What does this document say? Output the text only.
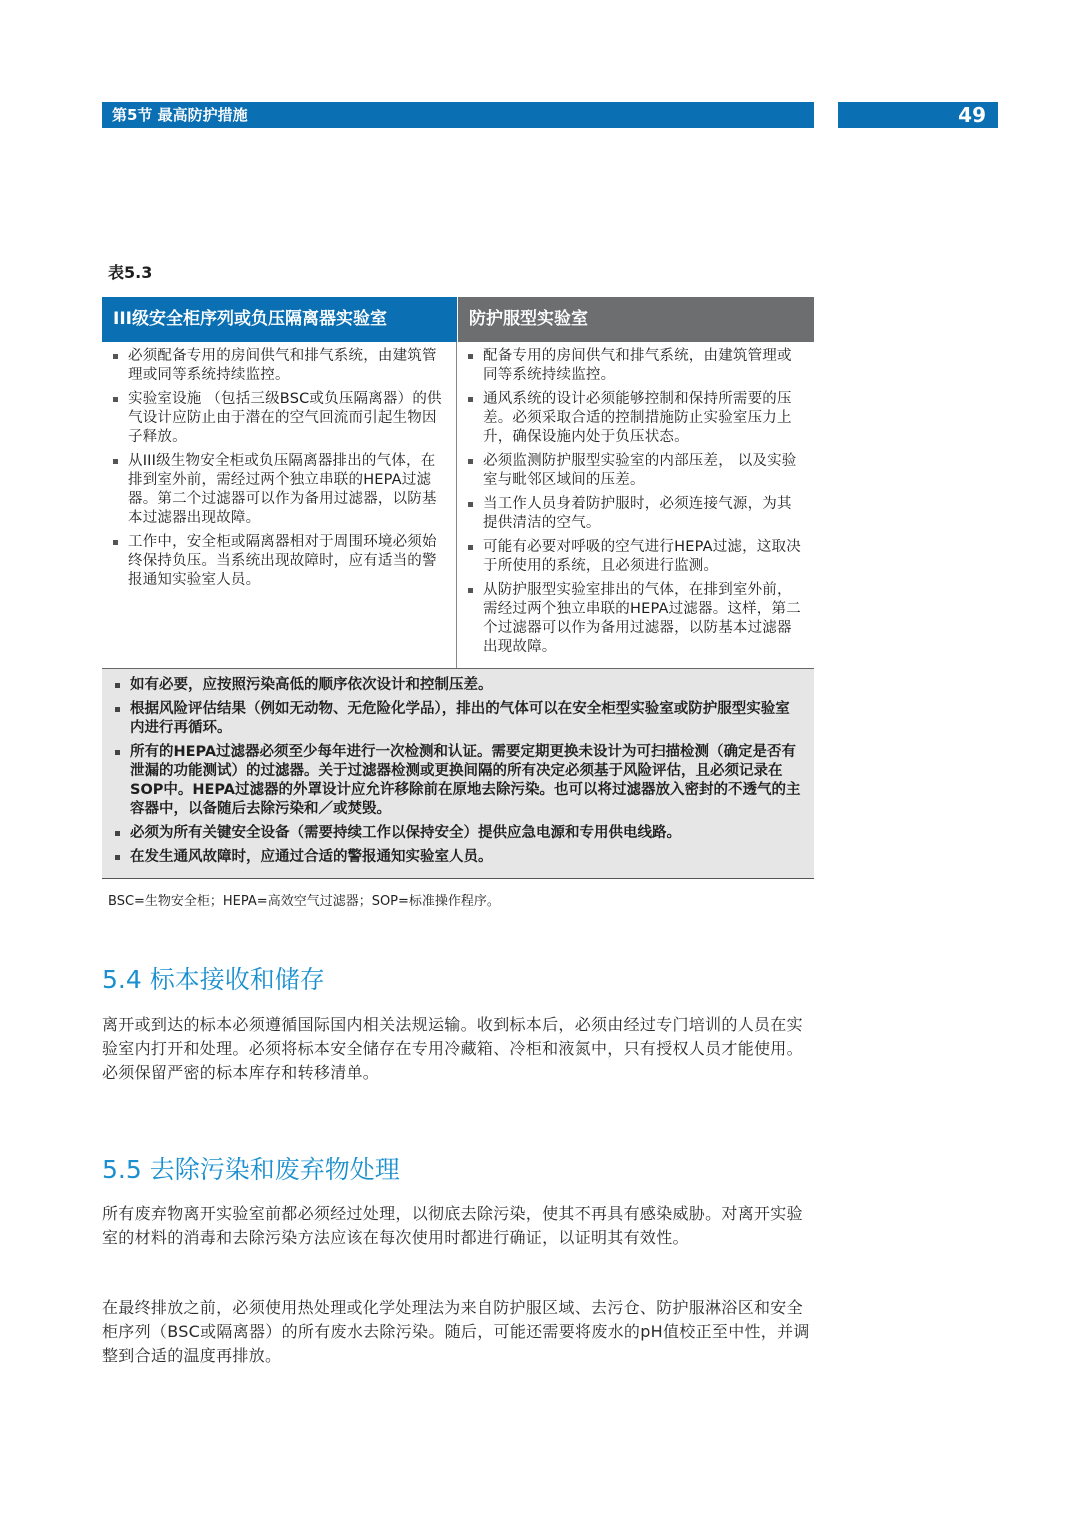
第5节 最高防护措施	49
表5.3
III级安全柜序列或负压隔离器实验室	防护服型实验室
必须配备专用的房间供气和排气系统，由建筑管理或同等系统持续监控。
实验室设施 （包括三级BSC或负压隔离器）的供气设计应防止由于潜在的空气回流而引起生物因子释放。
从III级生物安全柜或负压隔离器排出的气体，在排到室外前，需经过两个独立串联的HEPA过滤器。第二个过滤器可以作为备用过滤器，以防基本过滤器出现故障。
工作中，安全柜或隔离器相对于周围环境必须始终保持负压。当系统出现故障时，应有适当的警报通知实验室人员。
配备专用的房间供气和排气系统，由建筑管理或同等系统持续监控。
通风系统的设计必须能够控制和保持所需要的压差。必须采取合适的控制措施防止实验室压力上升，确保设施内处于负压状态。
必须监测防护服型实验室的内部压差， 以及实验室与毗邻区域间的压差。
当工作人员身着防护服时，必须连接气源，为其提供清洁的空气。
可能有必要对呼吸的空气进行HEPA过滤，这取决于所使用的系统，且必须进行监测。
从防护服型实验室排出的气体，在排到室外前，需经过两个独立串联的HEPA过滤器。这样，第二个过滤器可以作为备用过滤器，以防基本过滤器出现故障。
如有必要，应按照污染高低的顺序依次设计和控制压差。
根据风险评估结果（例如无动物、无危险化学品），排出的气体可以在安全柜型实验室或防护服型实验室内进行再循环。
所有的HEPA过滤器必须至少每年进行一次检测和认证。需要定期更换未设计为可扫描检测（确定是否有泄漏的功能测试）的过滤器。关于过滤器检测或更换间隔的所有决定必须基于风险评估，且必须记录在SOP中。HEPA过滤器的外罩设计应允许移除前在原地去除污染。也可以将过滤器放入密封的不透气的主容器中，以备随后去除污染和／或焚毁。
必须为所有关键安全设备（需要持续工作以保持安全）提供应急电源和专用供电线路。
在发生通风故障时，应通过合适的警报通知实验室人员。
BSC=生物安全柜；HEPA=高效空气过滤器；SOP=标准操作程序。
5.4 标本接收和储存
离开或到达的标本必须遵循国际国内相关法规运输。收到标本后，必须由经过专门培训的人员在实验室内打开和处理。必须将标本安全储存在专用冷藏箱、冷柜和液氮中，只有授权人员才能使用。必须保留严密的标本库存和转移清单。
5.5 去除污染和废弃物处理
所有废弃物离开实验室前都必须经过处理，以彻底去除污染，使其不再具有感染威胁。对离开实验室的材料的消毒和去除污染方法应该在每次使用时都进行确证，以证明其有效性。
在最终排放之前，必须使用热处理或化学处理法为来自防护服区域、去污仓、防护服淋浴区和安全柜序列（BSC或隔离器）的所有废水去除污染。随后，可能还需要将废水的pH值校正至中性，并调整到合适的温度再排放。
